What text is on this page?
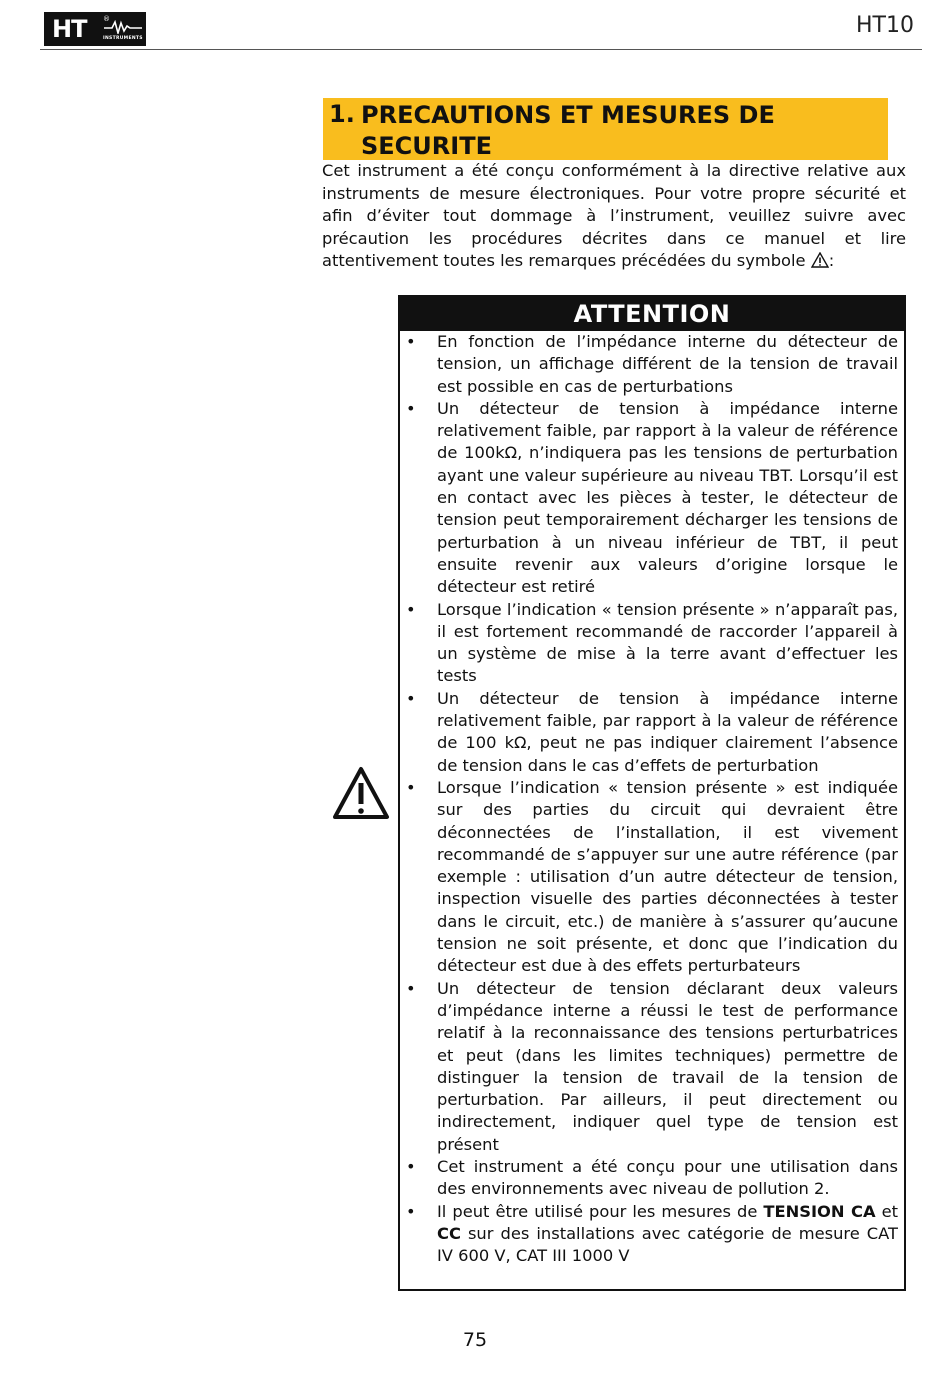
HT ®
INSTRUMENTS
HT10
1. PRECAUTIONS ET MESURES DE SECURITE
Cet instrument a été conçu conformément à la directive relative aux instruments de mesure électroniques. Pour votre propre sécurité et afin d’éviter tout dommage à l’instrument, veuillez suivre avec précaution les procédures décrites dans ce manuel et lire attentivement toutes les remarques précédées du symbole :
ATTENTION
• En fonction de l’impédance interne du détecteur de tension, un affichage différent de la tension de travail est possible en cas de perturbations
• Un détecteur de tension à impédance interne relativement faible, par rapport à la valeur de référence de 100kΩ, n’indiquera pas les tensions de perturbation ayant une valeur supérieure au niveau TBT. Lorsqu’il est en contact avec les pièces à tester, le détecteur de tension peut temporairement décharger les tensions de perturbation à un niveau inférieur de TBT, il peut ensuite revenir aux valeurs d’origine lorsque le détecteur est retiré
• Lorsque l’indication « tension présente » n’apparaît pas, il est fortement recommandé de raccorder l’appareil à un système de mise à la terre avant d’effectuer les tests
• Un détecteur de tension à impédance interne relativement faible, par rapport à la valeur de référence de 100 kΩ, peut ne pas indiquer clairement l’absence de tension dans le cas d’effets de perturbation
• Lorsque l’indication « tension présente » est indiquée sur des parties du circuit qui devraient être déconnectées de l’installation, il est vivement recommandé de s’appuyer sur une autre référence (par exemple : utilisation d’un autre détecteur de tension, inspection visuelle des parties déconnectées à tester dans le circuit, etc.) de manière à s’assurer qu’aucune tension ne soit présente, et donc que l’indication du détecteur est due à des effets perturbateurs
• Un détecteur de tension déclarant deux valeurs d’impédance interne a réussi le test de performance relatif à la reconnaissance des tensions perturbatrices et peut (dans les limites techniques) permettre de distinguer la tension de travail de la tension de perturbation. Par ailleurs, il peut directement ou indirectement, indiquer quel type de tension est présent
• Cet instrument a été conçu pour une utilisation dans des environnements avec niveau de pollution 2.
• Il peut être utilisé pour les mesures de TENSION CA et CC sur des installations avec catégorie de mesure CAT IV 600 V, CAT III 1000 V
75
